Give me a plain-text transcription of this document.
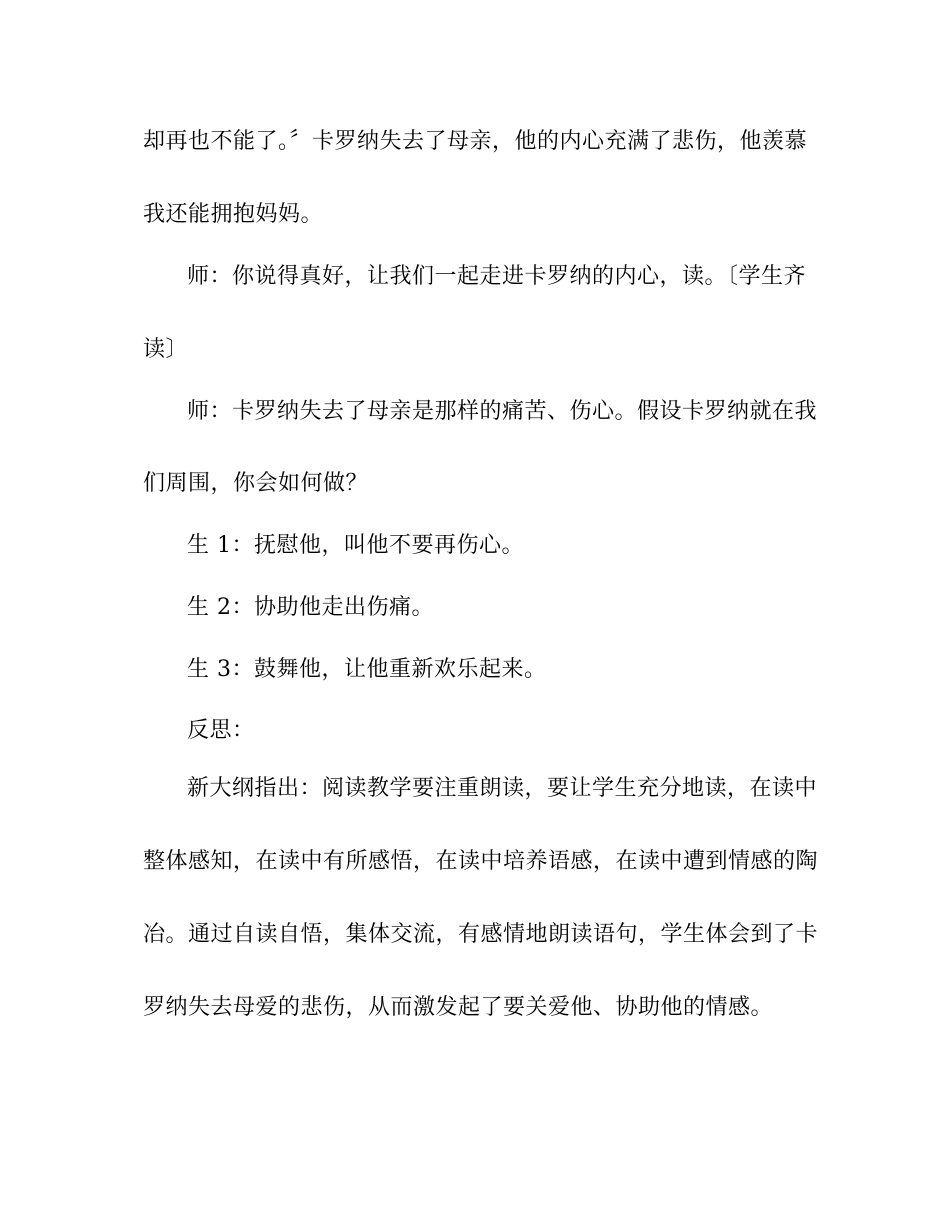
却再也不能了。〞卡罗纳失去了母亲，他的内心充满了悲伤，他羡慕
我还能拥抱妈妈。
师：你说得真好，让我们一起走进卡罗纳的内心，读。〔学生齐
读〕
师：卡罗纳失去了母亲是那样的痛苦、伤心。假设卡罗纳就在我
们周围，你会如何做？
生 1：抚慰他，叫他不要再伤心。
生 2：协助他走出伤痛。
生 3：鼓舞他，让他重新欢乐起来。
反思：
新大纲指出：阅读教学要注重朗读，要让学生充分地读，在读中
整体感知，在读中有所感悟，在读中培养语感，在读中遭到情感的陶
冶。通过自读自悟，集体交流，有感情地朗读语句，学生体会到了卡
罗纳失去母爱的悲伤，从而激发起了要关爱他、协助他的情感。
